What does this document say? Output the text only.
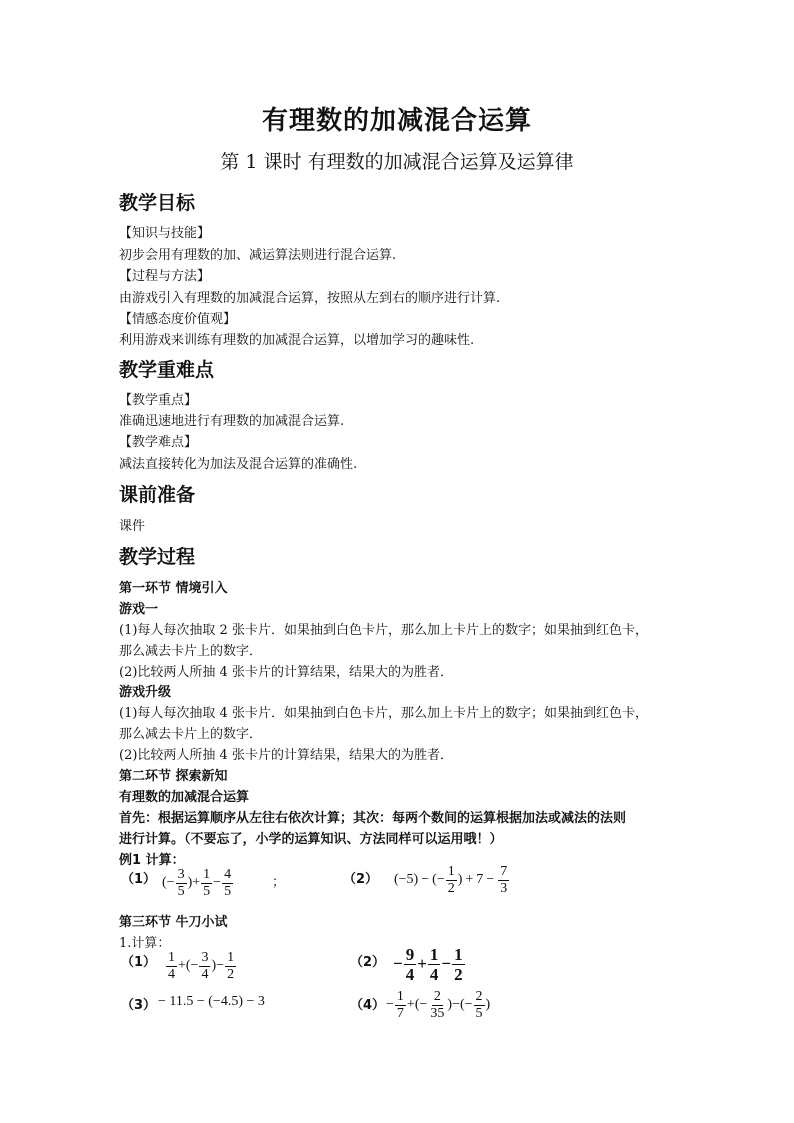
有理数的加减混合运算
第 1 课时 有理数的加减混合运算及运算律
教学目标
【知识与技能】
初步会用有理数的加、减运算法则进行混合运算.
【过程与方法】
由游戏引入有理数的加减混合运算，按照从左到右的顺序进行计算.
【情感态度价值观】
利用游戏来训练有理数的加减混合运算，以增加学习的趣味性.
教学重难点
【教学重点】
准确迅速地进行有理数的加减混合运算.
【教学难点】
减法直接转化为加法及混合运算的准确性.
课前准备
课件
教学过程
第一环节 情境引入
游戏一
(1)每人每次抽取 2 张卡片．如果抽到白色卡片，那么加上卡片上的数字；如果抽到红色卡，
那么减去卡片上的数字．
(2)比较两人所抽 4 张卡片的计算结果，结果大的为胜者．
游戏升级
(1)每人每次抽取 4 张卡片．如果抽到白色卡片，那么加上卡片上的数字；如果抽到红色卡，
那么减去卡片上的数字．
(2)比较两人所抽 4 张卡片的计算结果，结果大的为胜者．
第二环节 探索新知
有理数的加减混合运算
首先：根据运算顺序从左往右依次计算；其次：每两个数间的运算根据加法或减法的法则
进行计算。（不要忘了，小学的运算知识、方法同样可以运用哦！）
例1 计算：
（1） ( − $\frac{3}{5}$ ) + $\frac{1}{5} - \frac{4}{5}$	；	（2） (−5) − ( − $\frac{1}{2}$ ) + $7 - \frac{7}{3}$
第三环节 牛刀小试
1.计算：
$(1) \frac{1}{4}$ + ( − $\frac{3}{4}$ ) − $\frac{1}{2}$	$(2) - \frac{9}{4} + \frac{1}{4} - \frac{1}{2}$
（3） − 11.5 − (−4.5) − 3	$(4) - \frac{1}{7}$ + ( − $\frac{2}{35}$ ) − ( − $\frac{2}{5}$ )
